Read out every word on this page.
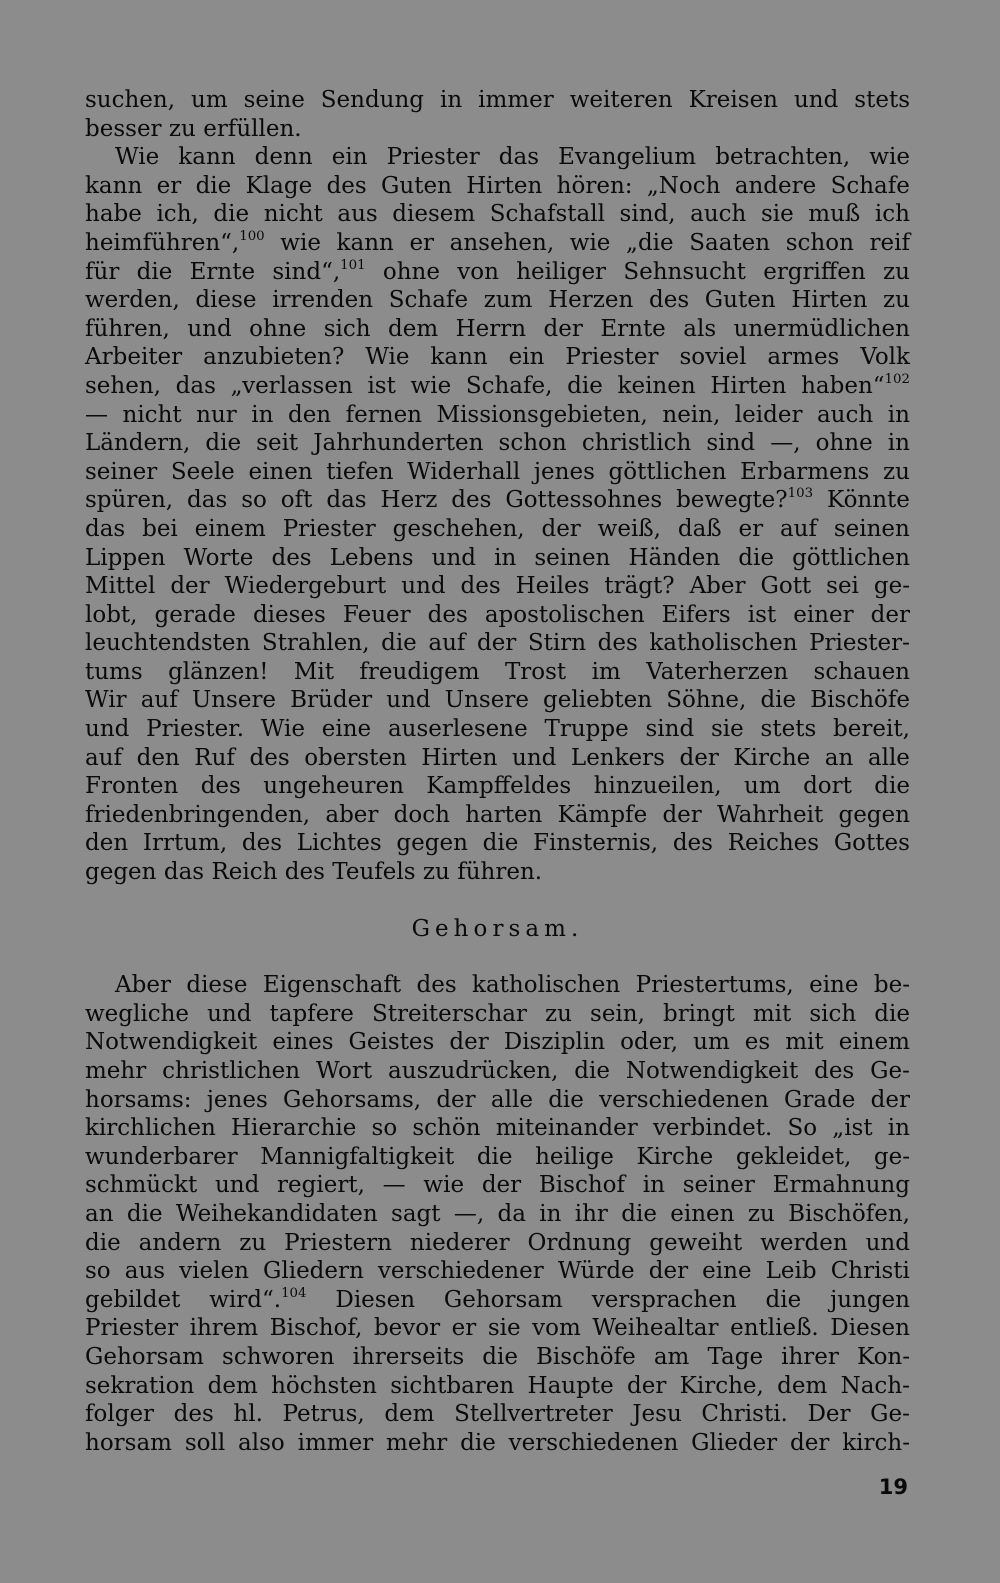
suchen, um seine Sendung in immer weiteren Kreisen und stets
besser zu erfüllen.
Wie kann denn ein Priester das Evangelium betrachten, wie
kann er die Klage des Guten Hirten hören: „Noch andere Schafe
habe ich, die nicht aus diesem Schafstall sind, auch sie muß ich
heimführen“,$^{100}$ wie kann er ansehen, wie „die Saaten schon reif
für die Ernte sind“,$^{101}$ ohne von heiliger Sehnsucht ergriffen zu
werden, diese irrenden Schafe zum Herzen des Guten Hirten zu
führen, und ohne sich dem Herrn der Ernte als unermüdlichen
Arbeiter anzubieten? Wie kann ein Priester soviel armes Volk
sehen, das „verlassen ist wie Schafe, die keinen Hirten haben“$^{102}$
— nicht nur in den fernen Missionsgebieten, nein, leider auch in
Ländern, die seit Jahrhunderten schon christlich sind —, ohne in
seiner Seele einen tiefen Widerhall jenes göttlichen Erbarmens zu
spüren, das so oft das Herz des Gottessohnes bewegte?$^{103}$ Könnte
das bei einem Priester geschehen, der weiß, daß er auf seinen
Lippen Worte des Lebens und in seinen Händen die göttlichen
Mittel der Wiedergeburt und des Heiles trägt? Aber Gott sei ge-
lobt, gerade dieses Feuer des apostolischen Eifers ist einer der
leuchtendsten Strahlen, die auf der Stirn des katholischen Priester-
tums glänzen! Mit freudigem Trost im Vaterherzen schauen
Wir auf Unsere Brüder und Unsere geliebten Söhne, die Bischöfe
und Priester. Wie eine auserlesene Truppe sind sie stets bereit,
auf den Ruf des obersten Hirten und Lenkers der Kirche an alle
Fronten des ungeheuren Kampffeldes hinzueilen, um dort die
friedenbringenden, aber doch harten Kämpfe der Wahrheit gegen
den Irrtum, des Lichtes gegen die Finsternis, des Reiches Gottes
gegen das Reich des Teufels zu führen.
Gehorsam.
Aber diese Eigenschaft des katholischen Priestertums, eine be-
wegliche und tapfere Streiterschar zu sein, bringt mit sich die
Notwendigkeit eines Geistes der Disziplin oder, um es mit einem
mehr christlichen Wort auszudrücken, die Notwendigkeit des Ge-
horsams: jenes Gehorsams, der alle die verschiedenen Grade der
kirchlichen Hierarchie so schön miteinander verbindet. So „ist in
wunderbarer Mannigfaltigkeit die heilige Kirche gekleidet, ge-
schmückt und regiert, — wie der Bischof in seiner Ermahnung
an die Weihekandidaten sagt —, da in ihr die einen zu Bischöfen,
die andern zu Priestern niederer Ordnung geweiht werden und
so aus vielen Gliedern verschiedener Würde der eine Leib Christi
gebildet wird“.$^{104}$ Diesen Gehorsam versprachen die jungen
Priester ihrem Bischof, bevor er sie vom Weihealtar entließ. Diesen
Gehorsam schworen ihrerseits die Bischöfe am Tage ihrer Kon-
sekration dem höchsten sichtbaren Haupte der Kirche, dem Nach-
folger des hl. Petrus, dem Stellvertreter Jesu Christi. Der Ge-
horsam soll also immer mehr die verschiedenen Glieder der kirch-
19
